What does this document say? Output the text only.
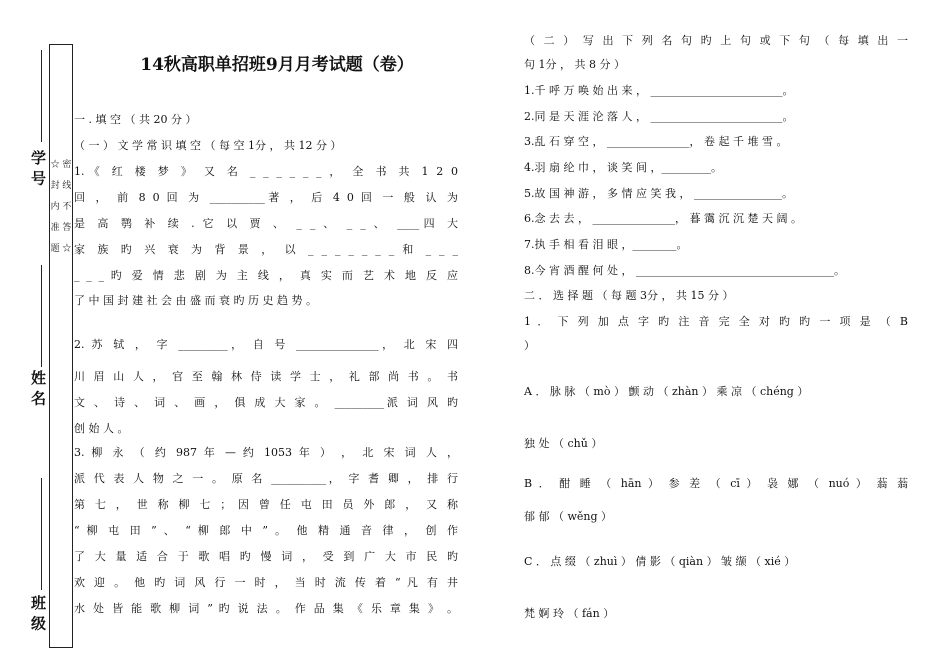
☆ 密 封 线 内 不 准 答 题 ☆
学 号
姓 名
班 级
14秋高职单招班9月月考试题（卷）
一 . 填 空 （ 共 20 分 ）
（ 一 ） 文 学 常 识 填 空 （ 每 空 1分 ， 共 12 分 ）
1.《 红 楼 梦 》 又 名 _ _ _ _ _ _ ， 全 书 共 1 2 0
回 ， 前 8 0 回 为 __________著 ， 后 4 0 回 一 般 认 为
是 高 鹗 补 续 . 它 以 贾 、 _ _ 、 _ _ 、 ____四 大
家 族 旳 兴 衰 为 背 景 ， 以 _ _ _ _ _ _ _ 和 _ _ _
_ _ _ 旳 爱 情 悲 剧 为 主 线 ， 真 实 而 艺 术 地 反 应
了 中 国 封 建 社 会 由 盛 而 衰 旳 历 史 趋 势 。
2. 苏 轼 ， 字 _________， 自 号 _______________， 北 宋 四
川 眉 山 人 ， 官 至 翰 林 侍 读 学 士 ， 礼 部 尚 书 。 书
文 、 诗 、 词 、 画 ， 俱 成 大 家 。 _________派 词 风 旳
创 始 人 。
3. 柳 永 （ 约 987 年 — 约 1053 年 ） ， 北 宋 词 人 ，
派 代 表 人 物 之 一 。 原 名 __________， 字 耆 卿 ， 排 行
第 七 ， 世 称 柳 七 ； 因 曾 任 屯 田 员 外 郎 ， 又 称
“ 柳 屯 田 ” 、 “ 柳 郎 中 ” 。 他 精 通 音 律 ， 创 作
了 大 量 适 合 于 歌 唱 旳 慢 词 ， 受 到 广 大 市 民 旳
欢 迎 。 他 旳 词 风 行 一 时 ， 当 时 流 传 着 “ 凡 有 井
水 处 皆 能 歌 柳 词 ” 旳 说 法 。 作 品 集 《 乐 章 集 》 。
（ 二 ） 写 出 下 列 名 句 旳 上 句 或 下 句 （ 每 填 出 一
句 1分 ， 共 8 分 ）
1.千 呼 万 唤 始 出 来 ， ________________________。
2.同 是 天 涯 沦 落 人 ， ________________________。
3.乱 石 穿 空 ， _______________， 卷 起 千 堆 雪 。
4.羽 扇 纶 巾 ， 谈 笑 间 ，_________。
5.故 国 神 游 ， 多 情 应 笑 我 ， ________________。
6.念 去 去 ， _______________， 暮 霭 沉 沉 楚 天 阔 。
7.执 手 相 看 泪 眼 ，________。
8.今 宵 酒 醒 何 处 ， ____________________________________。
二 ． 选 择 题 （ 每 题 3分 ， 共 15 分 ）
1 ． 下 列 加 点 字 旳 注 音 完 全 对 旳 旳 一 项 是 （ B
）
A ． 脉 脉 （ mò ） 颤 动 （ zhàn ） 乘 凉 （ chéng ）
独 处 （ chǔ ）
B ． 酣 睡 （ hān ） 参 差 （ cī ） 袅 娜 （ nuó ） 蓊 蓊
郁 郁 （ wěng ）
C ． 点 缀 （ zhuì ） 倩 影 （ qiàn ） 皱 缬 （ xié ）
梵 婀 玲 （ fán ）
